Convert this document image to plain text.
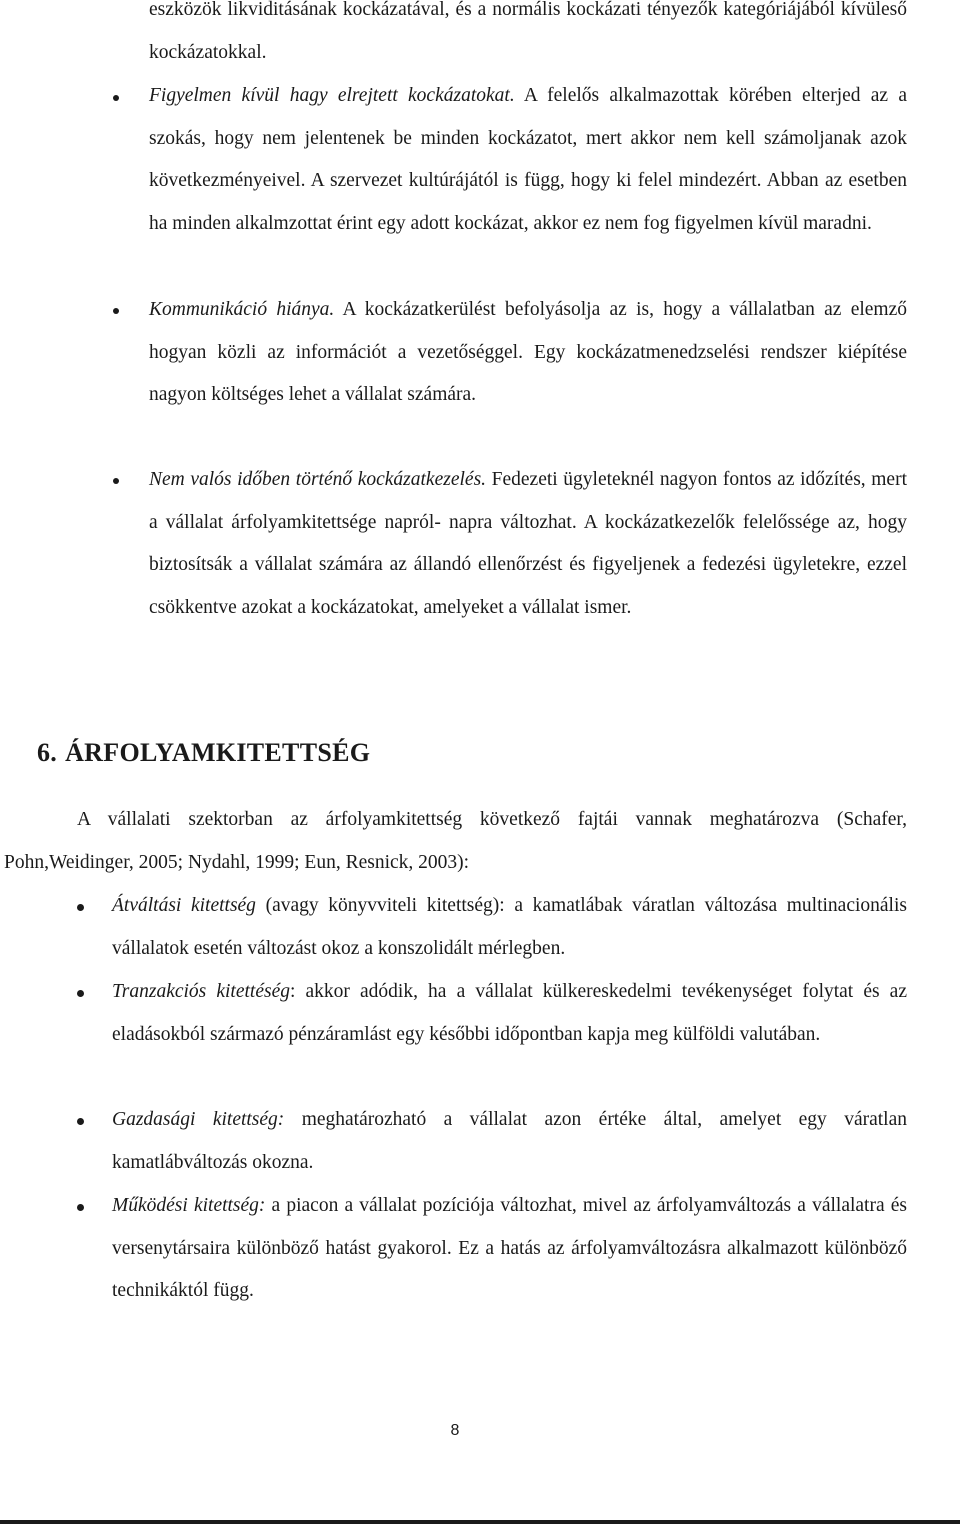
eszközök likviditásának kockázatával, és a normális kockázati tényezők kategóriájából kívüleső kockázatokkal.

Figyelmen kívül hagy elrejtett kockázatokat. A felelős alkalmazottak körében elterjed az a szokás, hogy nem jelentenek be minden kockázatot, mert akkor nem kell számoljanak azok következményeivel. A szervezet kultúrájától is függ, hogy ki felel mindezért. Abban az esetben ha minden alkalmzottat érint egy adott kockázat, akkor ez nem fog figyelmen kívül maradni.

Kommunikáció hiánya. A kockázatkerülést befolyásolja az is, hogy a vállalatban az elemző hogyan közli az információt a vezetőséggel. Egy kockázatmenedzselési rendszer kiépítése nagyon költséges lehet a vállalat számára.

Nem valós időben történő kockázatkezelés. Fedezeti ügyleteknél nagyon fontos az időzítés, mert a vállalat árfolyamkitettsége napról- napra változhat. A kockázatkezelők felelőssége az, hogy biztosítsák a vállalat számára az állandó ellenőrzést és figyeljenek a fedezési ügyletekre, ezzel csökkentve azokat a kockázatokat, amelyeket a vállalat ismer.

6. ÁRFOLYAMKITETTSÉG

A vállalati szektorban az árfolyamkitettség következő fajtái vannak meghatározva (Schafer, Pohn,Weidinger, 2005; Nydahl, 1999; Eun, Resnick, 2003):

Átváltási kitettség (avagy könyvviteli kitettség): a kamatlábak váratlan változása multinacionális vállalatok esetén változást okoz a konszolidált mérlegben.

Tranzakciós kitettéség: akkor adódik, ha a vállalat külkereskedelmi tevékenységet folytat és az eladásokból származó pénzáramlást egy későbbi időpontban kapja meg külföldi valutában.

Gazdasági kitettség: meghatározható a vállalat azon értéke által, amelyet egy váratlan kamatlábváltozás okozna.

Működési kitettség: a piacon a vállalat pozíciója változhat, mivel az árfolyamváltozás a vállalatra és versenytársaira különböző hatást gyakorol. Ez a hatás az árfolyamváltozásra alkalmazott különböző technikáktól függ.

8
